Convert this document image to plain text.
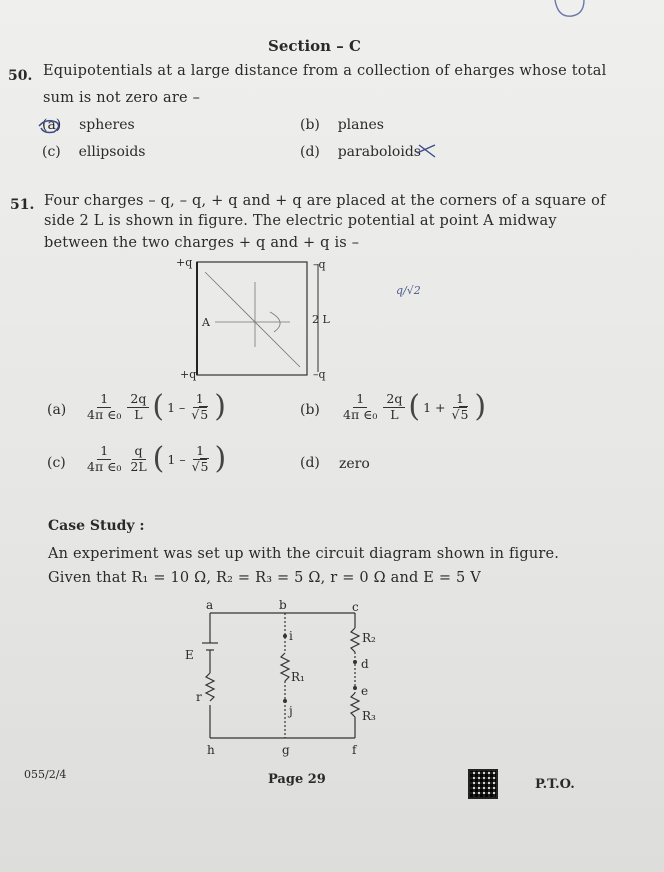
Section – C
50. Equipotentials at a large distance from a collection of eharges whose total
sum is not zero are –
(a) spheres	(b) planes
(c) ellipsoids	(d) paraboloids
51. Four charges – q, – q, + q and + q are placed at the corners of a square of
side 2 L is shown in figure. The electric potential at point A midway
between the two charges + q and + q is –
+q	–q
+q	–q
A	2 L
q/√2
$(a) \frac{1}{\text{4π ∈₀}} \frac{2q}{L}$ ( $1 - \frac{1}{√5}$ )	$(b) \frac{1}{\text{4π ∈₀}} \frac{2q}{L}$ ( $1 + \frac{1}{√5}$ )
$(c) \frac{1}{\text{4π ∈₀}} \frac{q}{2L}$ ( $1 - \frac{1}{√5}$ )	(d) zero
Case Study :
An experiment was set up with the circuit diagram shown in figure.
Given that R₁ = 10 Ω, R₂ = R₃ = 5 Ω, r = 0 Ω and E = 5 V
a	b	c
d
e
f
g
h
i
j
E
r
R₁
R₂
R₃
055/2/4	Page 29	P.T.O.
